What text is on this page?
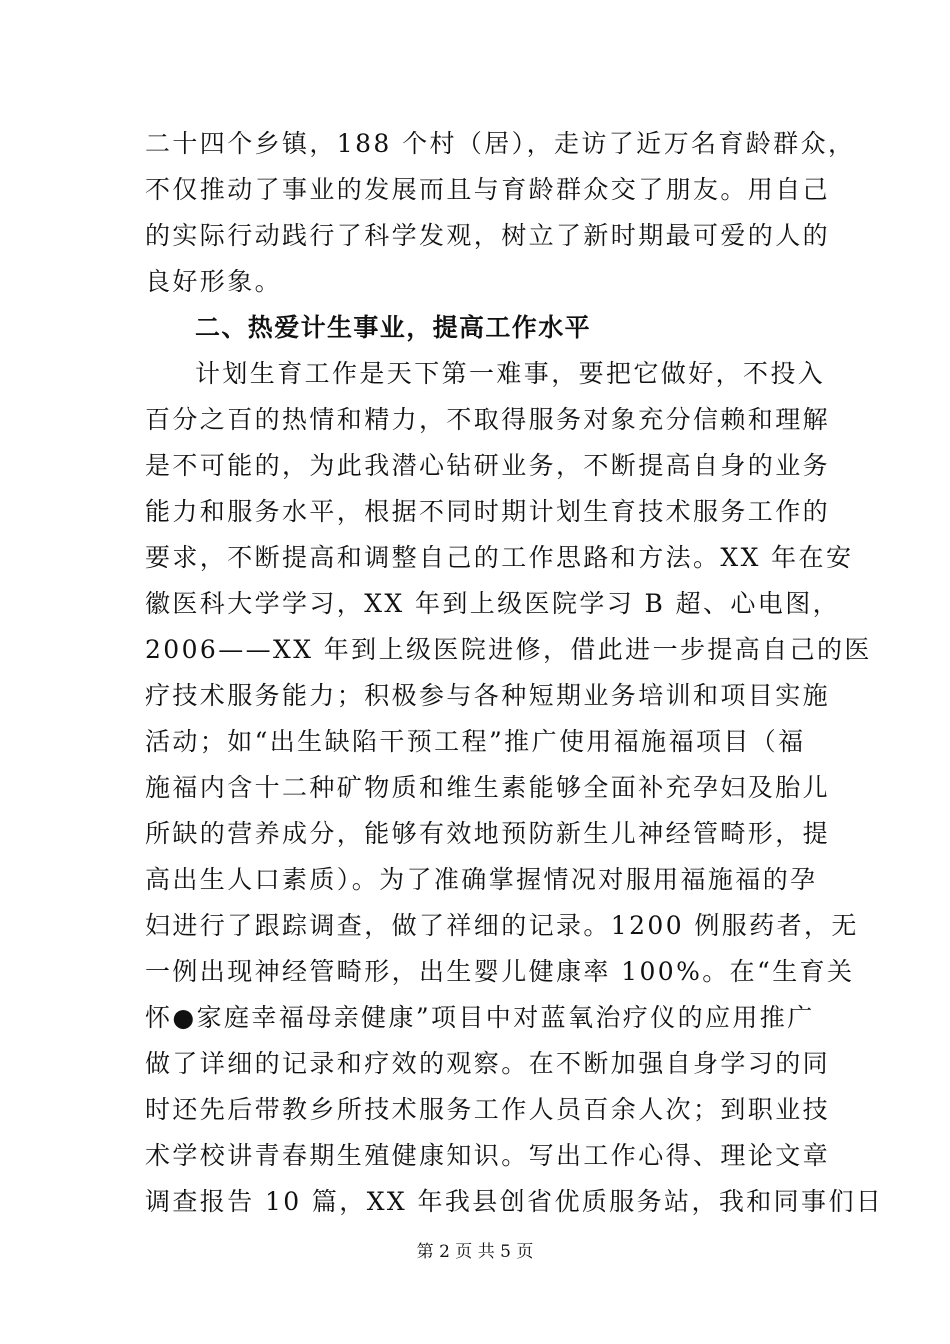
二十四个乡镇，188 个村（居），走访了近万名育龄群众，
不仅推动了事业的发展而且与育龄群众交了朋友。用自己
的实际行动践行了科学发观，树立了新时期最可爱的人的
良好形象。
二、热爱计生事业，提高工作水平
计划生育工作是天下第一难事，要把它做好，不投入
百分之百的热情和精力，不取得服务对象充分信赖和理解
是不可能的，为此我潜心钻研业务，不断提高自身的业务
能力和服务水平，根据不同时期计划生育技术服务工作的
要求，不断提高和调整自己的工作思路和方法。XX 年在安
徽医科大学学习，XX 年到上级医院学习 B 超、心电图，
2006——XX 年到上级医院进修，借此进一步提高自己的医
疗技术服务能力；积极参与各种短期业务培训和项目实施
活动；如“出生缺陷干预工程”推广使用福施福项目（福
施福内含十二种矿物质和维生素能够全面补充孕妇及胎儿
所缺的营养成分，能够有效地预防新生儿神经管畸形，提
高出生人口素质）。为了准确掌握情况对服用福施福的孕
妇进行了跟踪调查，做了祥细的记录。1200 例服药者，无
一例出现神经管畸形，出生婴儿健康率 100%。在“生育关
怀●家庭幸福母亲健康”项目中对蓝氧治疗仪的应用推广
做了详细的记录和疗效的观察。在不断加强自身学习的同
时还先后带教乡所技术服务工作人员百余人次；到职业技
术学校讲青春期生殖健康知识。写出工作心得、理论文章
调查报告 10 篇，XX 年我县创省优质服务站，我和同事们日
第 2 页 共 5 页
